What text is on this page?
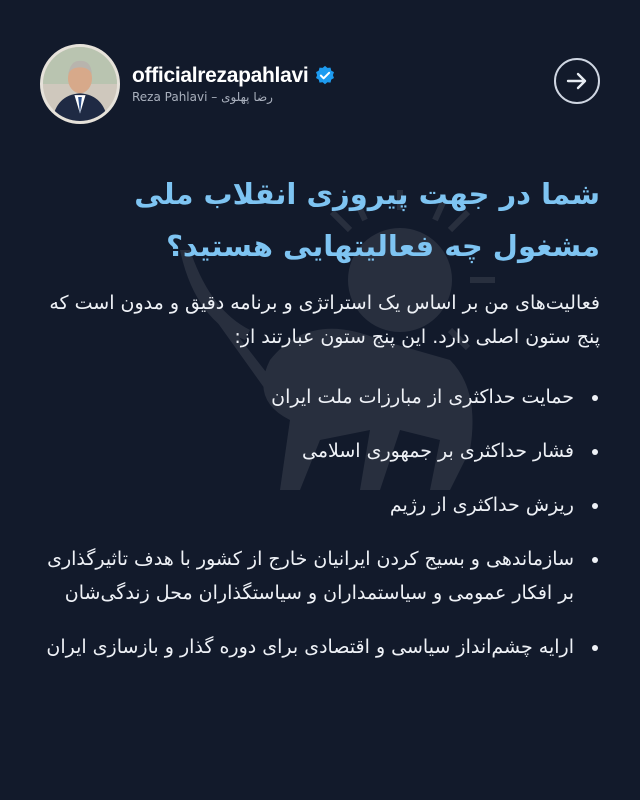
officialrezapahlavi
Reza Pahlavi – رضا پهلوی
شما در جهت پیروزی انقلاب ملی مشغول چه فعالیتهایی هستید؟
فعالیت‌های من بر اساس یک استراتژی و برنامه دقیق و مدون است که پنج ستون اصلی دارد. این پنج ستون عبارتند از:
حمایت حداکثری از مبارزات ملت ایران
فشار حداکثری بر جمهوری اسلامی
ریزش حداکثری از رژیم
سازماندهی و بسیج کردن ایرانیان خارج از کشور با هدف تاثیرگذاری بر افکار عمومی و سیاستمداران و سیاستگذاران محل زندگی‌شان
ارایه چشم‌انداز سیاسی و اقتصادی برای دوره گذار و بازسازی ایران
